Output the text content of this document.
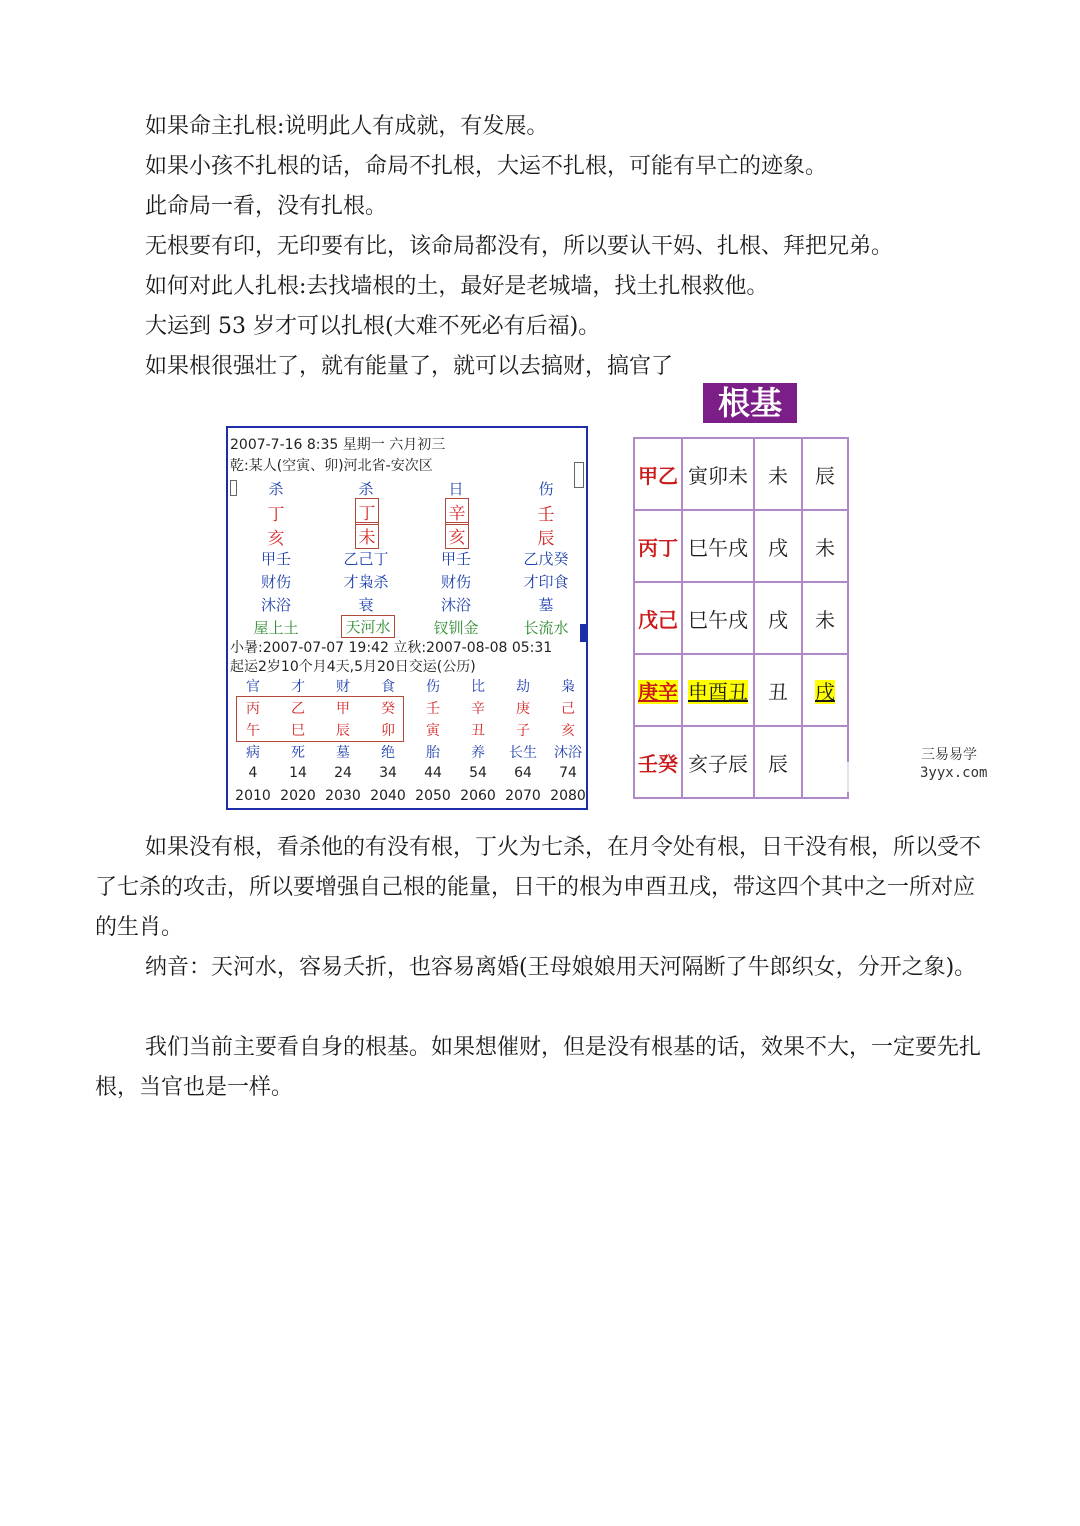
如果命主扎根:说明此人有成就，有发展。
如果小孩不扎根的话，命局不扎根，大运不扎根，可能有早亡的迹象。
此命局一看，没有扎根。
无根要有印，无印要有比，该命局都没有，所以要认干妈、扎根、拜把兄弟。
如何对此人扎根:去找墙根的土，最好是老城墙，找土扎根救他。
大运到 53 岁才可以扎根(大难不死必有后福)。
如果根很强壮了，就有能量了，就可以去搞财，搞官了
2007-7-16 8:35 星期一 六月初三
乾:某人(空寅、卯)河北省-安次区
杀	杀	日	伤
丁	丁	辛	壬
亥	未	亥	辰
甲壬	乙己丁	甲壬	乙戊癸
财伤	才枭杀	财伤	才印食
沐浴	衰	沐浴	墓
屋上土	天河水	钗钏金	长流水
小暑:2007-07-07 19:42 立秋:2007-08-08 05:31
起运2岁10个月4天,5月20日交运(公历)
官	才	财	食	伤	比	劫	枭
丙	乙	甲	癸	壬	辛	庚	己
午	巳	辰	卯	寅	丑	子	亥
病	死	墓	绝	胎	养	长生	沐浴
4	14	24	34	44	54	64	74
2010 2020 2030 2040 2050 2060 2070 2080
根基
甲乙	寅卯未	未	辰
丙丁	巳午戌	戌	未
戊己	巳午戌	戌	未
庚辛	申酉丑	丑	戌
壬癸	亥子辰	辰		三易易学
3yyx.com
如果没有根，看杀他的有没有根，丁火为七杀，在月令处有根，日干没有根，所以受不了七杀的攻击，所以要增强自己根的能量，日干的根为申酉丑戌，带这四个其中之一所对应的生肖。
纳音：天河水，容易夭折，也容易离婚(王母娘娘用天河隔断了牛郎织女，分开之象)。
我们当前主要看自身的根基。如果想催财，但是没有根基的话，效果不大，一定要先扎根，当官也是一样。
